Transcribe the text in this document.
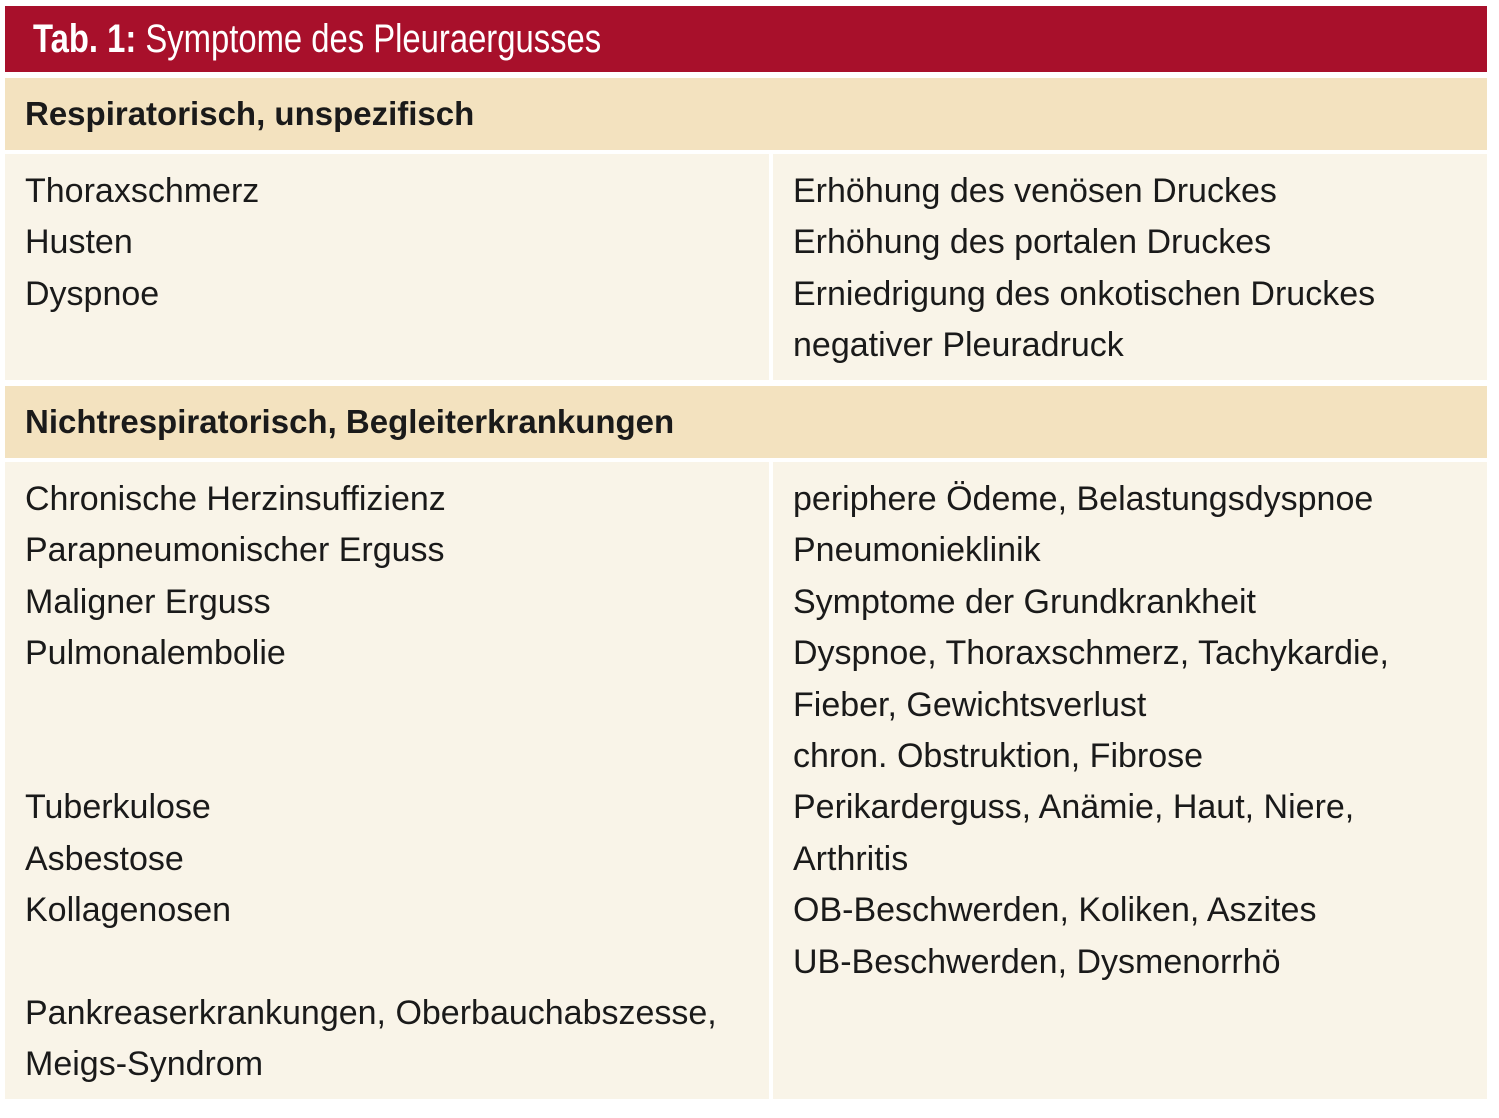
Tab. 1: Symptome des Pleuraergusses
Respiratorisch, unspezifisch
Thoraxschmerz
Husten
Dyspnoe
Erhöhung des venösen Druckes
Erhöhung des portalen Druckes
Erniedrigung des onkotischen Druckes
negativer Pleuradruck
Nichtrespiratorisch, Begleiterkrankungen
Chronische Herzinsuffizienz
Parapneumonischer Erguss
Maligner Erguss
Pulmonalembolie
Tuberkulose
Asbestose
Kollagenosen
Pankreaserkrankungen, Oberbauchabszesse,
Meigs-Syndrom
periphere Ödeme, Belastungsdyspnoe
Pneumonieklinik
Symptome der Grundkrankheit
Dyspnoe, Thoraxschmerz, Tachykardie,
Fieber, Gewichtsverlust
chron. Obstruktion, Fibrose
Perikarderguss, Anämie, Haut, Niere,
Arthritis
OB-Beschwerden, Koliken, Aszites
UB-Beschwerden, Dysmenorrhö
